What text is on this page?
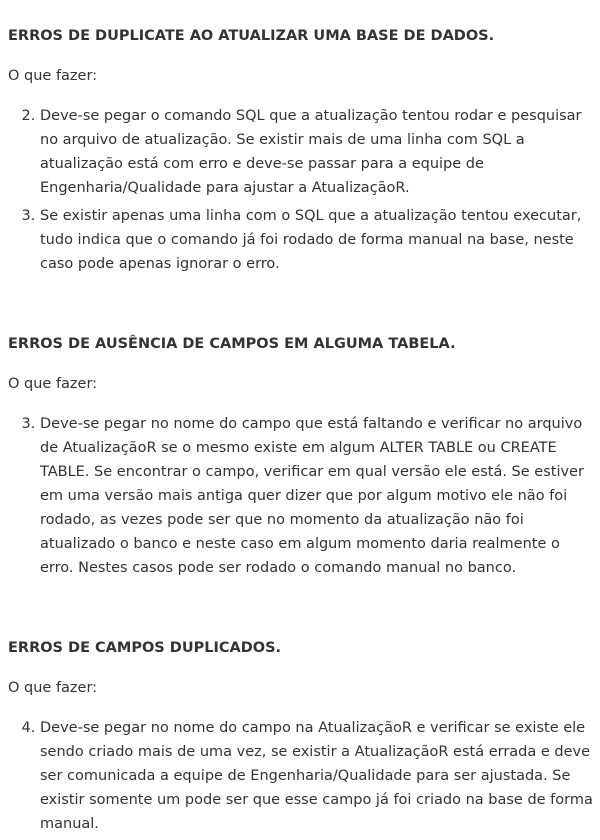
ERROS DE DUPLICATE AO ATUALIZAR UMA BASE DE DADOS.
O que fazer:
2. Deve-se pegar o comando SQL que a atualização tentou rodar e pesquisar no arquivo de atualização. Se existir mais de uma linha com SQL a atualização está com erro e deve-se passar para a equipe de Engenharia/Qualidade para ajustar a AtualizaçãoR.
3. Se existir apenas uma linha com o SQL que a atualização tentou executar, tudo indica que o comando já foi rodado de forma manual na base, neste caso pode apenas ignorar o erro.
ERROS DE AUSÊNCIA DE CAMPOS EM ALGUMA TABELA.
O que fazer:
3. Deve-se pegar no nome do campo que está faltando e verificar no arquivo de AtualizaçãoR se o mesmo existe em algum ALTER TABLE ou CREATE TABLE. Se encontrar o campo, verificar em qual versão ele está. Se estiver em uma versão mais antiga quer dizer que por algum motivo ele não foi rodado, as vezes pode ser que no momento da atualização não foi atualizado o banco e neste caso em algum momento daria realmente o erro. Nestes casos pode ser rodado o comando manual no banco.
ERROS DE CAMPOS DUPLICADOS.
O que fazer:
4. Deve-se pegar no nome do campo na AtualizaçãoR e verificar se existe ele sendo criado mais de uma vez, se existir a AtualizaçãoR está errada e deve ser comunicada a equipe de Engenharia/Qualidade para ser ajustada. Se existir somente um pode ser que esse campo já foi criado na base de forma manual.
